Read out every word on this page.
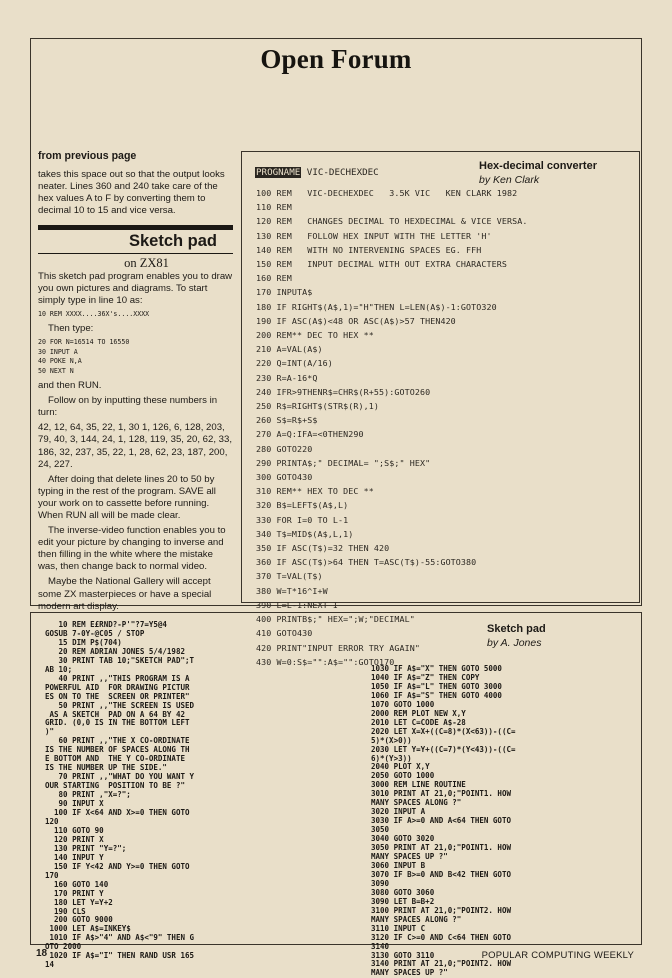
Open Forum

from previous page

takes this space out so that the output looks neater. Lines 360 and 240 take care of the hex values A to F by converting them to decimal 10 to 15 and vice versa.

Sketch pad
on ZX81

This sketch pad program enables you to draw you own pictures and diagrams. To start simply type in line 10 as:

10 REM XXXX....36X's....XXXX

Then type:

20 FOR N=16514 TO 16550
30 INPUT A
40 POKE N,A
50 NEXT N

and then RUN.

Follow on by inputting these numbers in turn:

42, 12, 64, 35, 22, 1, 30 1, 126, 6, 128, 203, 79, 40, 3, 144, 24, 1, 128, 119, 35, 20, 62, 33, 186, 32, 237, 35, 22, 1, 28, 62, 23, 187, 200, 24, 227.

After doing that delete lines 20 to 50 by typing in the rest of the program. SAVE all your work on to cassette before running. When RUN all will be made clear.

The inverse-video function enables you to edit your picture by changing to inverse and then filling in the white where the mistake was, then change back to normal video.

Maybe the National Gallery will accept some ZX masterpieces or have a special modern art display.

PROGNAME VIC-DECHEXDEC
Hex-decimal converter
by Ken Clark
100 REM   VIC-DECHEXDEC   3.5K VIC   KEN CLARK 1982
110 REM
120 REM   CHANGES DECIMAL TO HEXDECIMAL & VICE VERSA.
130 REM   FOLLOW HEX INPUT WITH THE LETTER 'H'
140 REM   WITH NO INTERVENING SPACES EG. FFH
150 REM   INPUT DECIMAL WITH OUT EXTRA CHARACTERS
160 REM
170 INPUTA$
180 IF RIGHT$(A$,1)="H"THEN L=LEN(A$)-1:GOTO320
190 IF ASC(A$)<48 OR ASC(A$)>57 THEN420
200 REM** DEC TO HEX **
210 A=VAL(A$)
220 Q=INT(A/16)
230 R=A-16*Q
240 IFR>9THENR$=CHR$(R+55):GOTO260
250 R$=RIGHT$(STR$(R),1)
260 S$=R$+S$
270 A=Q:IFA=<0THEN290
280 GOTO220
290 PRINTA$;" DECIMAL= ";S$;" HEX"
300 GOTO430
310 REM** HEX TO DEC **
320 B$=LEFT$(A$,L)
330 FOR I=0 TO L-1
340 T$=MID$(A$,L,1)
350 IF ASC(T$)=32 THEN 420
360 IF ASC(T$)>64 THEN T=ASC(T$)-55:GOTO380
370 T=VAL(T$)
380 W=T*16^I+W
390 L=L-1:NEXT I
400 PRINTB$;" HEX=";W;"DECIMAL"
410 GOTO430
420 PRINT"INPUT ERROR TRY AGAIN"
430 W=0:S$="":A$="":GOTO170
Sketch pad
by A. Jones
10 REM E£RND?-P'"?7=Y5@4
GOSUB 7-0Y-@C05 / STOP
15 DIM P$(704)
20 REM ADRIAN JONES 5/4/1982
30 PRINT TAB 10;"SKETCH PAD";T
AB 10;
40 PRINT ,,"THIS PROGRAM IS A
POWERFUL AID  FOR DRAWING PICTUR
ES ON TO THE  SCREEN OR PRINTER"
50 PRINT ,,"THE SCREEN IS USED
AS A SKETCH  PAD ON A 64 BY 42
GRID. (0,0 IS IN THE BOTTOM LEFT
)"
60 PRINT ,,"THE X CO-ORDINATE
IS THE NUMBER OF SPACES ALONG TH
E BOTTOM AND  THE Y CO-ORDINATE
IS THE NUMBER UP THE SIDE."
70 PRINT ,,"WHAT DO YOU WANT Y
OUR STARTING  POSITION TO BE ?"
80 PRINT ,"X=?";
90 INPUT X
100 IF X<64 AND X>=0 THEN GOTO
120
110 GOTO 90
120 PRINT X
130 PRINT "Y=?";
140 INPUT Y
150 IF Y<42 AND Y>=0 THEN GOTO
170
160 GOTO 140
170 PRINT Y
180 LET Y=Y+2
190 CLS
200 GOTO 9000
1000 LET A$=INKEY$
1010 IF A$>"4" AND A$<"9" THEN G
OTO 2000
1020 IF A$="I" THEN RAND USR 165
14
1030 IF A$="X" THEN GOTO 5000
1040 IF A$="Z" THEN COPY
1050 IF A$="L" THEN GOTO 3000
1060 IF A$="S" THEN GOTO 4000
1070 GOTO 1000
2000 REM PLOT NEW X,Y
2010 LET C=CODE A$-28
2020 LET X=X+((C=8)*(X<63))-((C=
5)*(X>0))
2030 LET Y=Y+((C=7)*(Y<43))-((C=
6)*(Y>3))
2040 PLOT X,Y
2050 GOTO 1000
3000 REM LINE ROUTINE
3010 PRINT AT 21,0;"POINT1. HOW
MANY SPACES ALONG ?"
3020 INPUT A
3030 IF A>=0 AND A<64 THEN GOTO
3050
3040 GOTO 3020
3050 PRINT AT 21,0;"POINT1. HOW
MANY SPACES UP ?"
3060 INPUT B
3070 IF B>=0 AND B<42 THEN GOTO
3090
3080 GOTO 3060
3090 LET B=B+2
3100 PRINT AT 21,0;"POINT2. HOW
MANY SPACES ALONG ?"
3110 INPUT C
3120 IF C>=0 AND C<64 THEN GOTO
3140
3130 GOTO 3110
3140 PRINT AT 21,0;"POINT2. HOW
MANY SPACES UP ?"
18	POPULAR COMPUTING WEEKLY
